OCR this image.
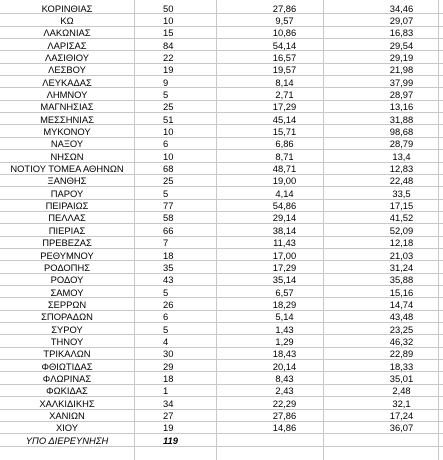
ΚΟΡΙΝΘΙΑΣ	50	27,86	34,46
ΚΩ	10	9,57	29,07
ΛΑΚΩΝΙΑΣ	15	10,86	16,83
ΛΑΡΙΣΑΣ	84	54,14	29,54
ΛΑΣΙΘΙΟΥ	22	16,57	29,19
ΛΕΣΒΟΥ	19	19,57	21,98
ΛΕΥΚΑΔΑΣ	9	8,14	37,99
ΛΗΜΝΟΥ	5	2,71	28,97
ΜΑΓΝΗΣΙΑΣ	25	17,29	13,16
ΜΕΣΣΗΝΙΑΣ	51	45,14	31,88
ΜΥΚΟΝΟΥ	10	15,71	98,68
ΝΑΞΟΥ	6	6,86	28,79
ΝΗΣΩΝ	10	8,71	13,4
ΝΟΤΙΟΥ ΤΟΜΕΑ ΑΘΗΝΩΝ	68	48,71	12,83
ΞΑΝΘΗΣ	25	19,00	22,48
ΠΑΡΟΥ	5	4,14	33,5
ΠΕΙΡΑΙΩΣ	77	54,86	17,15
ΠΕΛΛΑΣ	58	29,14	41,52
ΠΙΕΡΙΑΣ	66	38,14	52,09
ΠΡΕΒΕΖΑΣ	7	11,43	12,18
ΡΕΘΥΜΝΟΥ	18	17,00	21,03
ΡΟΔΟΠΗΣ	35	17,29	31,24
ΡΟΔΟΥ	43	35,14	35,88
ΣΑΜΟΥ	5	6,57	15,16
ΣΕΡΡΩΝ	26	18,29	14,74
ΣΠΟΡΑΔΩΝ	6	5,14	43,48
ΣΥΡΟΥ	5	1,43	23,25
ΤΗΝΟΥ	4	1,29	46,32
ΤΡΙΚΑΛΩΝ	30	18,43	22,89
ΦΘΙΩΤΙΔΑΣ	29	20,14	18,33
ΦΛΩΡΙΝΑΣ	18	8,43	35,01
ΦΩΚΙΔΑΣ	1	2,43	2,48
ΧΑΛΚΙΔΙΚΗΣ	34	22,29	32,1
ΧΑΝΙΩΝ	27	27,86	17,24
ΧΙΟΥ	19	14,86	36,07
ΥΠΟ ΔΙΕΡΕΥΝΗΣΗ	119
